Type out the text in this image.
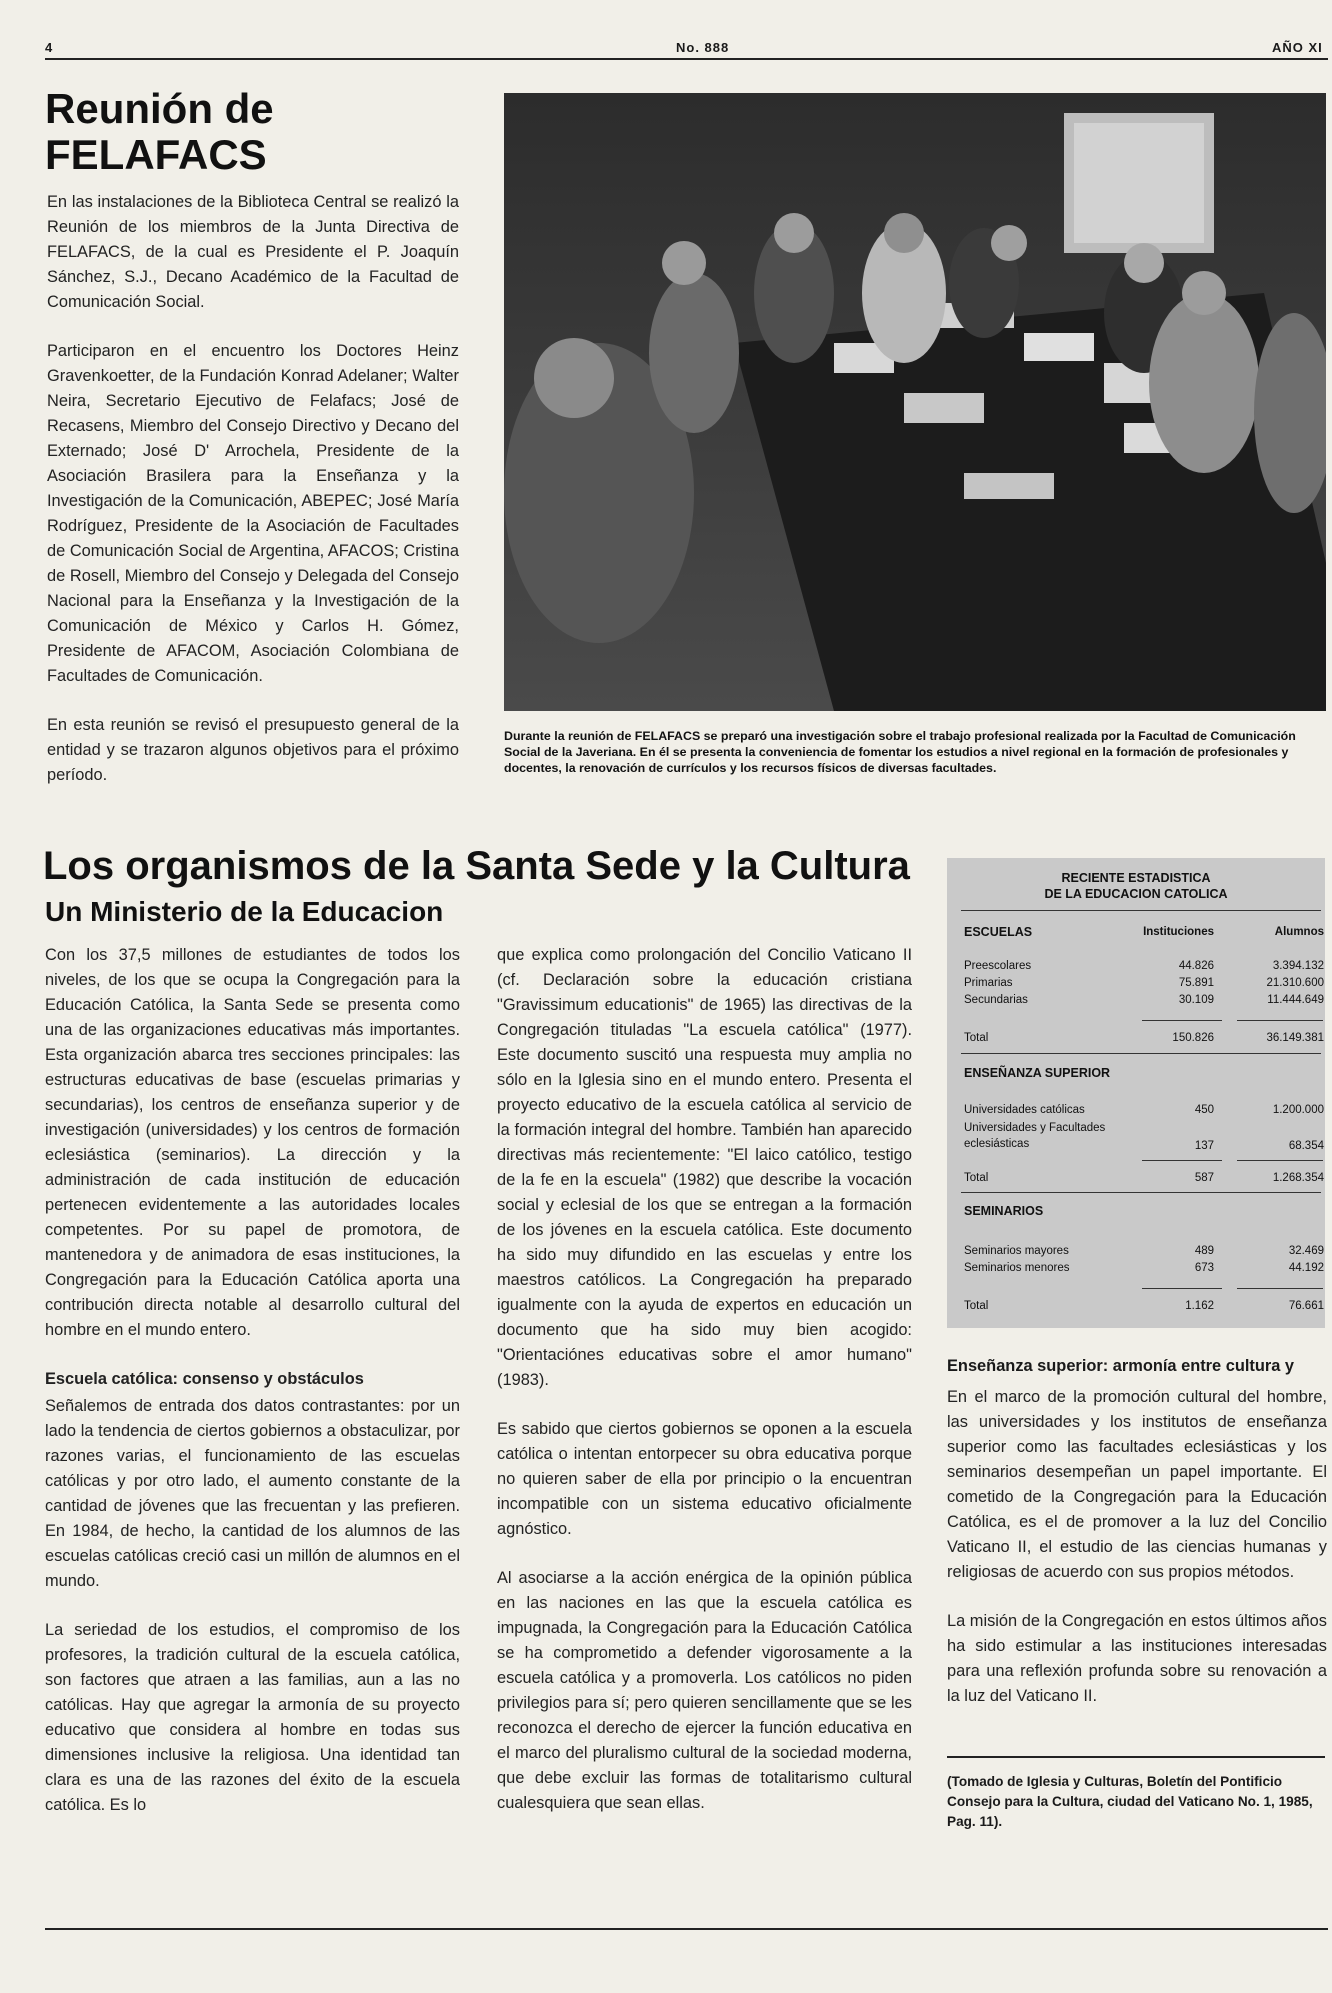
4	No. 888	AÑO XI
Reunión de FELAFACS

En las instalaciones de la Biblioteca Central se realizó la Reunión de los miembros de la Junta Directiva de FELAFACS, de la cual es Presidente el P. Joaquín Sánchez, S.J., Decano Académico de la Facultad de Comunicación Social.

Participaron en el encuentro los Doctores Heinz Gravenkoetter, de la Fundación Konrad Adelaner; Walter Neira, Secretario Ejecutivo de Felafacs; José de Recasens, Miembro del Consejo Directivo y Decano del Externado; José D' Arrochela, Presidente de la Asociación Brasilera para la Enseñanza y la Investigación de la Comunicación, ABEPEC; José María Rodríguez, Presidente de la Asociación de Facultades de Comunicación Social de Argentina, AFACOS; Cristina de Rosell, Miembro del Consejo y Delegada del Consejo Nacional para la Enseñanza y la Investigación de la Comunicación de México y Carlos H. Gómez, Presidente de AFACOM, Asociación Colombiana de Facultades de Comunicación.

En esta reunión se revisó el presupuesto general de la entidad y se trazaron algunos objetivos para el próximo período.

Durante la reunión de FELAFACS se preparó una investigación sobre el trabajo profesional realizada por la Facultad de Comunicación Social de la Javeriana. En él se presenta la conveniencia de fomentar los estudios a nivel regional en la formación de profesionales y docentes, la renovación de currículos y los recursos físicos de diversas facultades.

Los organismos de la Santa Sede y la Cultura
Un Ministerio de la Educacion

Con los 37,5 millones de estudiantes de todos los niveles, de los que se ocupa la Congregación para la Educación Católica, la Santa Sede se presenta como una de las organizaciones educativas más importantes. Esta organización abarca tres secciones principales: las estructuras educativas de base (escuelas primarias y secundarias), los centros de enseñanza superior y de investigación (universidades) y los centros de formación eclesiástica (seminarios). La dirección y la administración de cada institución de educación pertenecen evidentemente a las autoridades locales competentes. Por su papel de promotora, de mantenedora y de animadora de esas instituciones, la Congregación para la Educación Católica aporta una contribución directa notable al desarrollo cultural del hombre en el mundo entero.

Escuela católica: consenso y obstáculos

Señalemos de entrada dos datos contrastantes: por un lado la tendencia de ciertos gobiernos a obstaculizar, por razones varias, el funcionamiento de las escuelas católicas y por otro lado, el aumento constante de la cantidad de jóvenes que las frecuentan y las prefieren. En 1984, de hecho, la cantidad de los alumnos de las escuelas católicas creció casi un millón de alumnos en el mundo.

La seriedad de los estudios, el compromiso de los profesores, la tradición cultural de la escuela católica, son factores que atraen a las familias, aun a las no católicas. Hay que agregar la armonía de su proyecto educativo que considera al hombre en todas sus dimensiones inclusive la religiosa. Una identidad tan clara es una de las razones del éxito de la escuela católica. Es lo

que explica como prolongación del Concilio Vaticano II (cf. Declaración sobre la educación cristiana "Gravissimum educationis" de 1965) las directivas de la Congregación tituladas "La escuela católica" (1977). Este documento suscitó una respuesta muy amplia no sólo en la Iglesia sino en el mundo entero. Presenta el proyecto educativo de la escuela católica al servicio de la formación integral del hombre. También han aparecido directivas más recientemente: "El laico católico, testigo de la fe en la escuela" (1982) que describe la vocación social y eclesial de los que se entregan a la formación de los jóvenes en la escuela católica. Este documento ha sido muy difundido en las escuelas y entre los maestros católicos. La Congregación ha preparado igualmente con la ayuda de expertos en educación un documento que ha sido muy bien acogido: "Orientaciónes educativas sobre el amor humano" (1983).

Es sabido que ciertos gobiernos se oponen a la escuela católica o intentan entorpecer su obra educativa porque no quieren saber de ella por principio o la encuentran incompatible con un sistema educativo oficialmente agnóstico.

Al asociarse a la acción enérgica de la opinión pública en las naciones en las que la escuela católica es impugnada, la Congregación para la Educación Católica se ha comprometido a defender vigorosamente a la escuela católica y a promoverla. Los católicos no piden privilegios para sí; pero quieren sencillamente que se les reconozca el derecho de ejercer la función educativa en el marco del pluralismo cultural de la sociedad moderna, que debe excluir las formas de totalitarismo cultural cualesquiera que sean ellas.

RECIENTE ESTADISTICA
DE LA EDUCACION CATOLICA
ESCUELAS	Instituciones	Alumnos
Preescolares	44.826	3.394.132
Primarias	75.891	21.310.600
Secundarias	30.109	11.444.649
Total	150.826	36.149.381
ENSEÑANZA SUPERIOR
Universidades católicas	450	1.200.000
Universidades y Facultades eclesiásticas	137	68.354
Total	587	1.268.354
SEMINARIOS
Seminarios mayores	489	32.469
Seminarios menores	673	44.192
Total	1.162	76.661
Enseñanza superior: armonía entre cultura y

En el marco de la promoción cultural del hombre, las universidades y los institutos de enseñanza superior como las facultades eclesiásticas y los seminarios desempeñan un papel importante. El cometido de la Congregación para la Educación Católica, es el de promover a la luz del Concilio Vaticano II, el estudio de las ciencias humanas y religiosas de acuerdo con sus propios métodos.

La misión de la Congregación en estos últimos años ha sido estimular a las instituciones interesadas para una reflexión profunda sobre su renovación a la luz del Vaticano II.

(Tomado de Iglesia y Culturas, Boletín del Pontificio Consejo para la Cultura, ciudad del Vaticano No. 1, 1985, Pag. 11).
